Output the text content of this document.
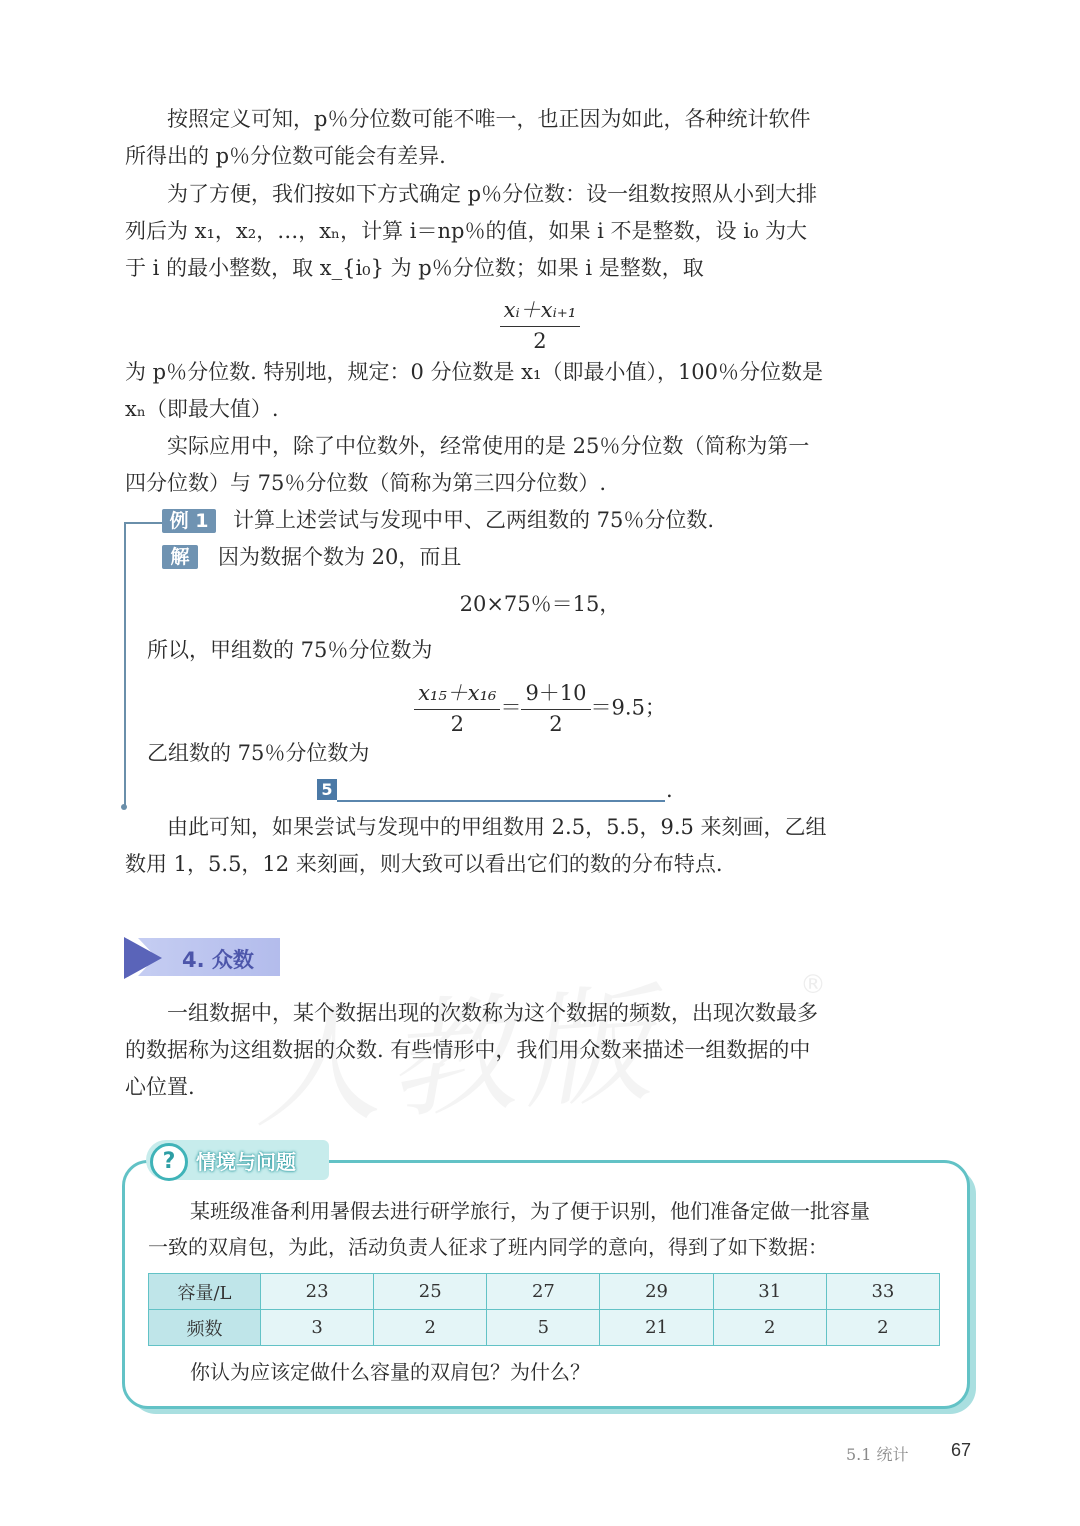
按照定义可知，p％分位数可能不唯一，也正因为如此，各种统计软件
所得出的 p％分位数可能会有差异.
为了方便，我们按如下方式确定 p％分位数：设一组数按照从小到大排
列后为 x₁，x₂，…，xₙ，计算 i＝np％的值，如果 i 不是整数，设 i₀ 为大
于 i 的最小整数，取 x_{i₀} 为 p％分位数；如果 i 是整数，取
$\frac{\text{xᵢ＋xᵢ₊₁}}{2}$
为 p％分位数. 特别地，规定：0 分位数是 x₁（即最小值），100％分位数是
xₙ（即最大值）.
实际应用中，除了中位数外，经常使用的是 25％分位数（简称为第一
四分位数）与 75％分位数（简称为第三四分位数）.
例 1	计算上述尝试与发现中甲、乙两组数的 75％分位数.
解	因为数据个数为 20，而且
20×75％＝15，
所以，甲组数的 75％分位数为
$\frac{\text{x₁₅＋x₁₆}}{2} = \frac{9+10}{2} =9.5$；
乙组数的 75％分位数为
5	.
由此可知，如果尝试与发现中的甲组数用 2.5，5.5，9.5 来刻画，乙组
数用 1，5.5，12 来刻画，则大致可以看出它们的数的分布特点.
®
4. 众数
一组数据中，某个数据出现的次数称为这个数据的频数，出现次数最多
的数据称为这组数据的众数. 有些情形中，我们用众数来描述一组数据的中
心位置.
?	情境与问题
某班级准备利用暑假去进行研学旅行，为了便于识别，他们准备定做一批容量
一致的双肩包，为此，活动负责人征求了班内同学的意向，得到了如下数据：
容量/L	23	25	27	29	31	33
频数	3	2	5	21	2	2
你认为应该定做什么容量的双肩包？为什么？
5.1 统计 67
